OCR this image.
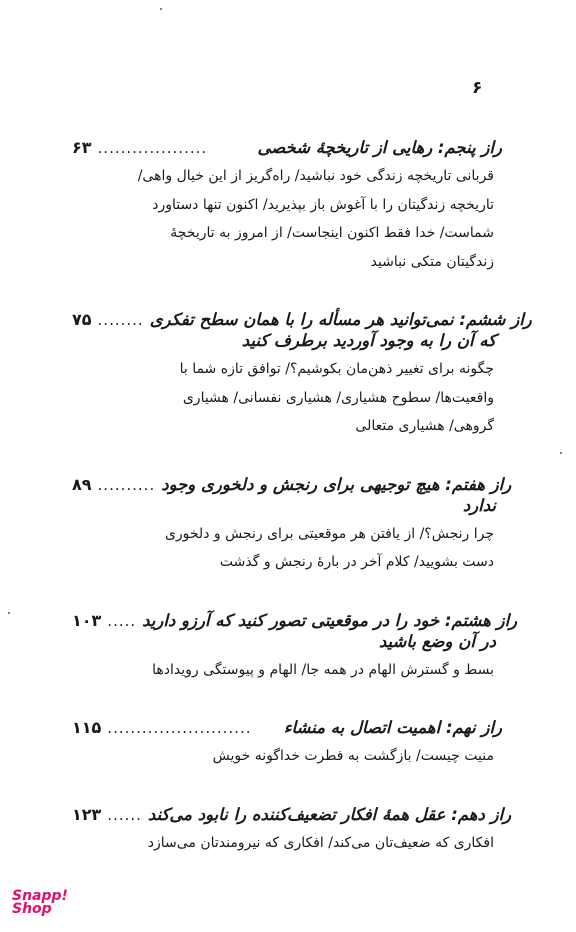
۶
۶۳ ...................	راز پنجم: رهایی از تاریخچهٔ شخصی
قربانی تاریخچه زندگی خود نباشید/ راه‌گریز از این خیال واهی/
تاریخچه زندگیتان را با آغوش باز بپذیرید/ اکنون تنها دستاورد
شماست/ خدا فقط اکنون اینجاست/ از امروز به تاریخچهٔ
زندگیتان متکی نباشید
۷۵ ........ راز ششم: نمی‌توانید هر مسأله را با همان سطح تفکری
که آن را به وجود آوردید برطرف کنید
چگونه برای تغییر ذهن‌مان بکوشیم؟/ توافق تازه شما با
واقعیت‌ها/ سطوح هشیاری/ هشیاری نفسانی/ هشیاری
گروهی/ هشیاری متعالی
۸۹ .......... راز هفتم: هیچ توجیهی برای رنجش و دلخوری وجود
ندارد
چرا رنجش؟/ از یافتن هر موقعیتی برای رنجش و دلخوری
دست بشویید/ کلام آخر در بارهٔ رنجش و گذشت
۱۰۳ ..... راز هشتم: خود را در موقعیتی تصور کنید که آرزو دارید
در آن وضع باشید
بسط و گسترش الهام در همه جا/ الهام و پیوستگی رویدادها
۱۱۵ ......................... راز نهم: اهمیت اتصال به منشاء
منیت چیست/ بازگشت به فطرت خداگونه خویش
۱۲۳ ...... راز دهم: عقل همهٔ افکار تضعیف‌کننده را نابود می‌کند
افکاری که ضعیف‌تان می‌کند/ افکاری که نیرومندتان می‌سازد
Snapp!
Shop
